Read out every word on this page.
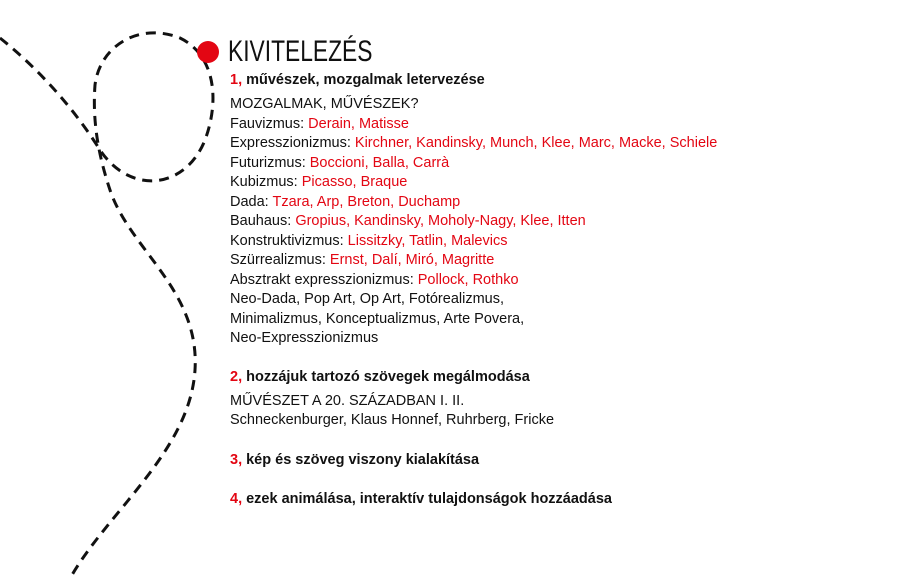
KIVITELEZÉS
1, művészek, mozgalmak letervezése
MOZGALMAK, MŰVÉSZEK?
Fauvizmus: Derain, Matisse
Expresszionizmus: Kirchner, Kandinsky, Munch, Klee, Marc, Macke, Schiele
Futurizmus: Boccioni, Balla, Carrà
Kubizmus: Picasso, Braque
Dada: Tzara, Arp, Breton, Duchamp
Bauhaus: Gropius, Kandinsky, Moholy-Nagy, Klee, Itten
Konstruktivizmus: Lissitzky, Tatlin, Malevics
Szürrealizmus: Ernst, Dalí, Miró, Magritte
Absztrakt expresszionizmus: Pollock, Rothko
Neo-Dada, Pop Art, Op Art, Fotórealizmus,
Minimalizmus, Konceptualizmus, Arte Povera,
Neo-Expresszionizmus
2, hozzájuk tartozó szövegek megálmodása
MŰVÉSZET A 20. SZÁZADBAN I. II.
Schneckenburger, Klaus Honnef, Ruhrberg, Fricke
3, kép és szöveg viszony kialakítása
4, ezek animálása, interaktív tulajdonságok hozzáadása
